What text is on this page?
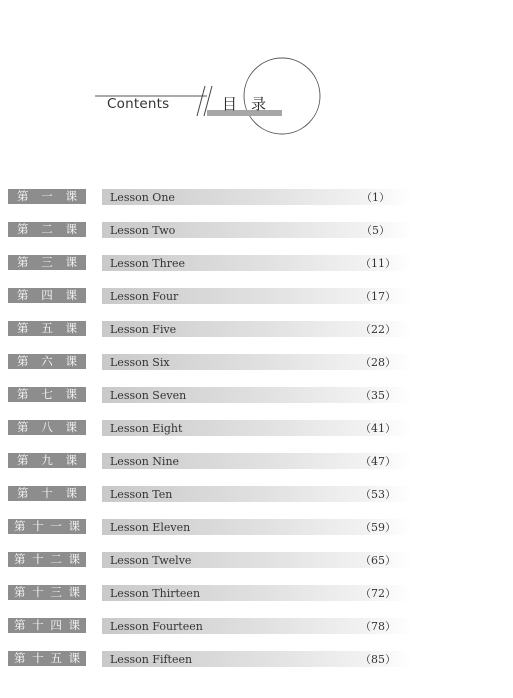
Contents	目录
第 一 课	Lesson One	（1）
第 二 课	Lesson Two	（5）
第 三 课	Lesson Three	（11）
第 四 课	Lesson Four	（17）
第 五 课	Lesson Five	（22）
第 六 课	Lesson Six	（28）
第 七 课	Lesson Seven	（35）
第 八 课	Lesson Eight	（41）
第 九 课	Lesson Nine	（47）
第 十 课	Lesson Ten	（53）
第 十 一 课	Lesson Eleven	（59）
第 十 二 课	Lesson Twelve	（65）
第 十 三 课	Lesson Thirteen	（72）
第 十 四 课	Lesson Fourteen	（78）
第 十 五 课	Lesson Fifteen	（85）
